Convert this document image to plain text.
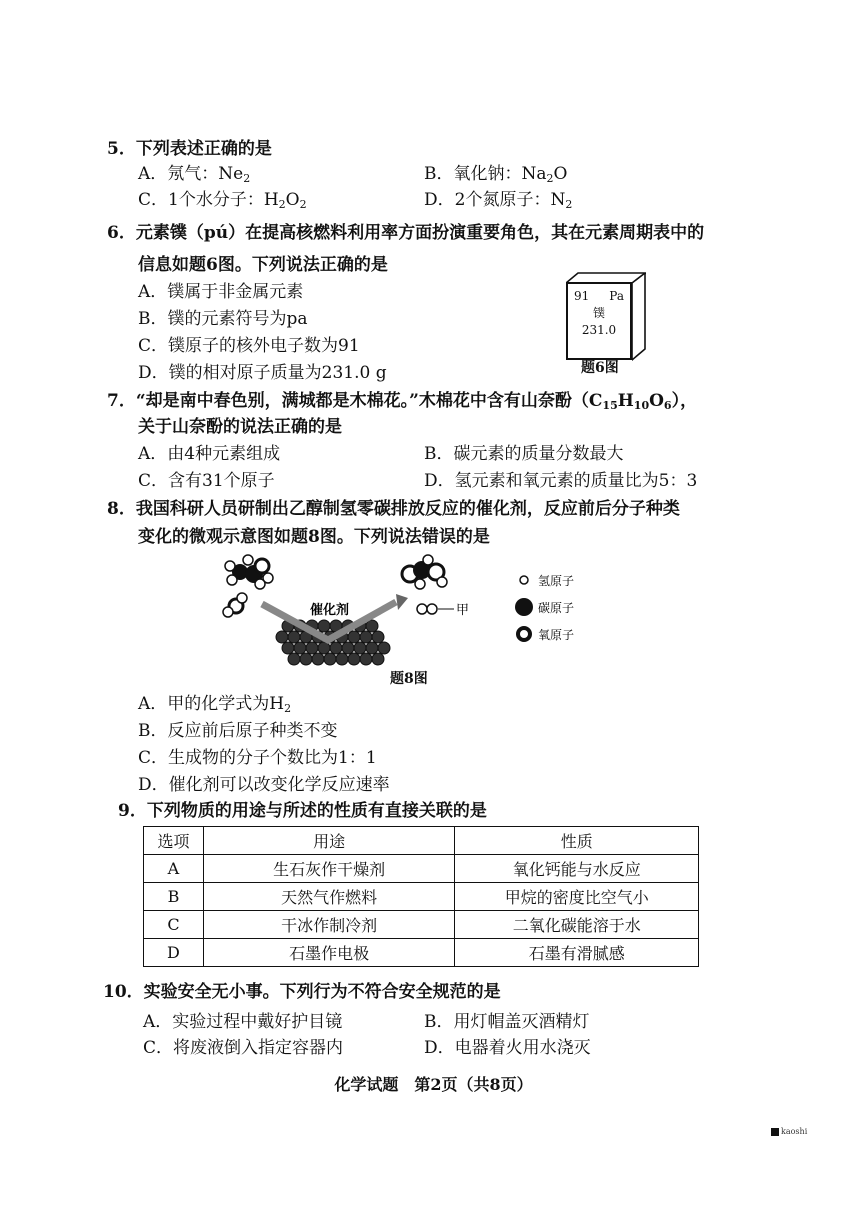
5．下列表述正确的是
A．氖气：$Ne_2$	B．氧化钠：$Na_2O$
C．1个水分子：$H_2O_2$	D．2个氮原子：$N_2$
6．元素镤（pú）在提高核燃料利用率方面扮演重要角色，其在元素周期表中的
信息如题6图。下列说法正确的是
A．镤属于非金属元素
B．镤的元素符号为pa
C．镤原子的核外电子数为91
D．镤的相对原子质量为231.0 g
91 Pa
镤
231.0
题6图
7．“却是南中春色别，满城都是木棉花。”木棉花中含有山奈酚$(C_{15}H_{10}O_6)$，
关于山奈酚的说法正确的是
A．由4种元素组成	B．碳元素的质量分数最大
C．含有31个原子	D．氢元素和氧元素的质量比为5：3
8．我国科研人员研制出乙醇制氢零碳排放反应的催化剂，反应前后分子种类
变化的微观示意图如题8图。下列说法错误的是
催化剂	甲
氢原子
碳原子
氧原子
题8图
A．甲的化学式为$H_2$
B．反应前后原子种类不变
C．生成物的分子个数比为1：1
D．催化剂可以改变化学反应速率
9．下列物质的用途与所述的性质有直接关联的是
选项	用途	性质
A	生石灰作干燥剂	氧化钙能与水反应
B	天然气作燃料	甲烷的密度比空气小
C	干冰作制冷剂	二氧化碳能溶于水
D	石墨作电极	石墨有滑腻感
10．实验安全无小事。下列行为不符合安全规范的是
A．实验过程中戴好护目镜	B．用灯帽盖灭酒精灯
C．将废液倒入指定容器内	D．电器着火用水浇灭
化学试题　第2页（共8页）
kaoshi
